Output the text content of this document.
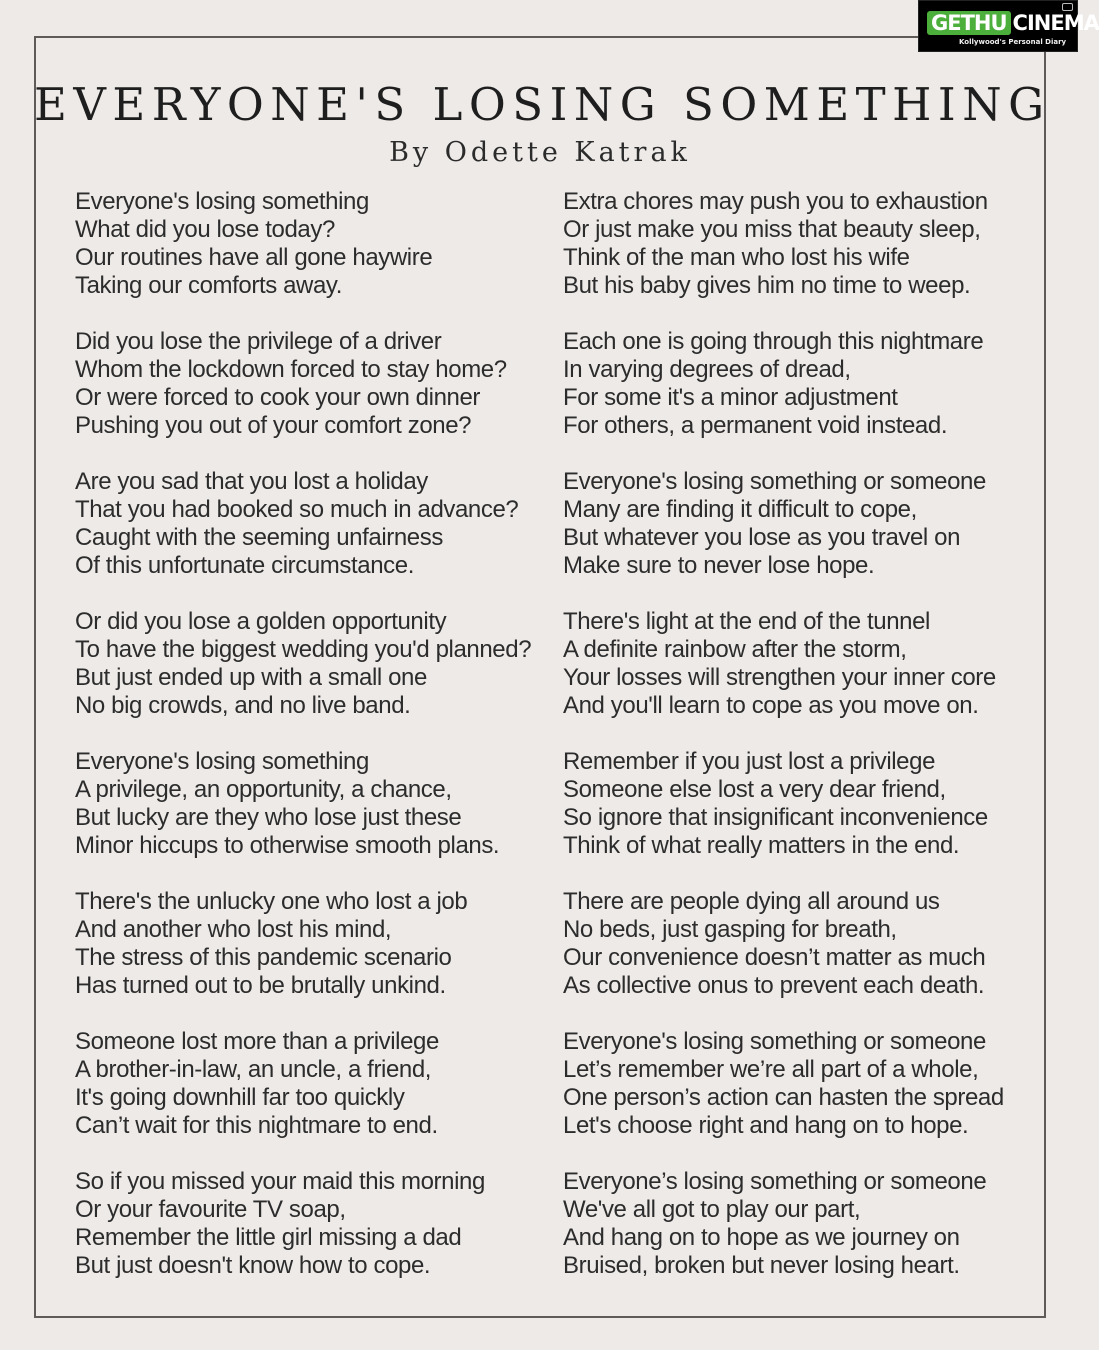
GETHU CINEMA
Kollywood's Personal Diary
EVERYONE'S LOSING SOMETHING
By Odette Katrak
Everyone's losing something
What did you lose today?
Our routines have all gone haywire
Taking our comforts away.
Did you lose the privilege of a driver
Whom the lockdown forced to stay home?
Or were forced to cook your own dinner
Pushing you out of your comfort zone?
Are you sad that you lost a holiday
That you had booked so much in advance?
Caught with the seeming unfairness
Of this unfortunate circumstance.
Or did you lose a golden opportunity
To have the biggest wedding you'd planned?
But just ended up with a small one
No big crowds, and no live band.
Everyone's losing something
A privilege, an opportunity, a chance,
But lucky are they who lose just these
Minor hiccups to otherwise smooth plans.
There's the unlucky one who lost a job
And another who lost his mind,
The stress of this pandemic scenario
Has turned out to be brutally unkind.
Someone lost more than a privilege
A brother-in-law, an uncle, a friend,
It's going downhill far too quickly
Can’t wait for this nightmare to end.
So if you missed your maid this morning
Or your favourite TV soap,
Remember the little girl missing a dad
But just doesn't know how to cope.
Extra chores may push you to exhaustion
Or just make you miss that beauty sleep,
Think of the man who lost his wife
But his baby gives him no time to weep.
Each one is going through this nightmare
In varying degrees of dread,
For some it's a minor adjustment
For others, a permanent void instead.
Everyone's losing something or someone
Many are finding it difficult to cope,
But whatever you lose as you travel on
Make sure to never lose hope.
There's light at the end of the tunnel
A definite rainbow after the storm,
Your losses will strengthen your inner core
And you'll learn to cope as you move on.
Remember if you just lost a privilege
Someone else lost a very dear friend,
So ignore that insignificant inconvenience
Think of what really matters in the end.
There are people dying all around us
No beds, just gasping for breath,
Our convenience doesn’t matter as much
As collective onus to prevent each death.
Everyone's losing something or someone
Let’s remember we’re all part of a whole,
One person’s action can hasten the spread
Let's choose right and hang on to hope.
Everyone’s losing something or someone
We've all got to play our part,
And hang on to hope as we journey on
Bruised, broken but never losing heart.
